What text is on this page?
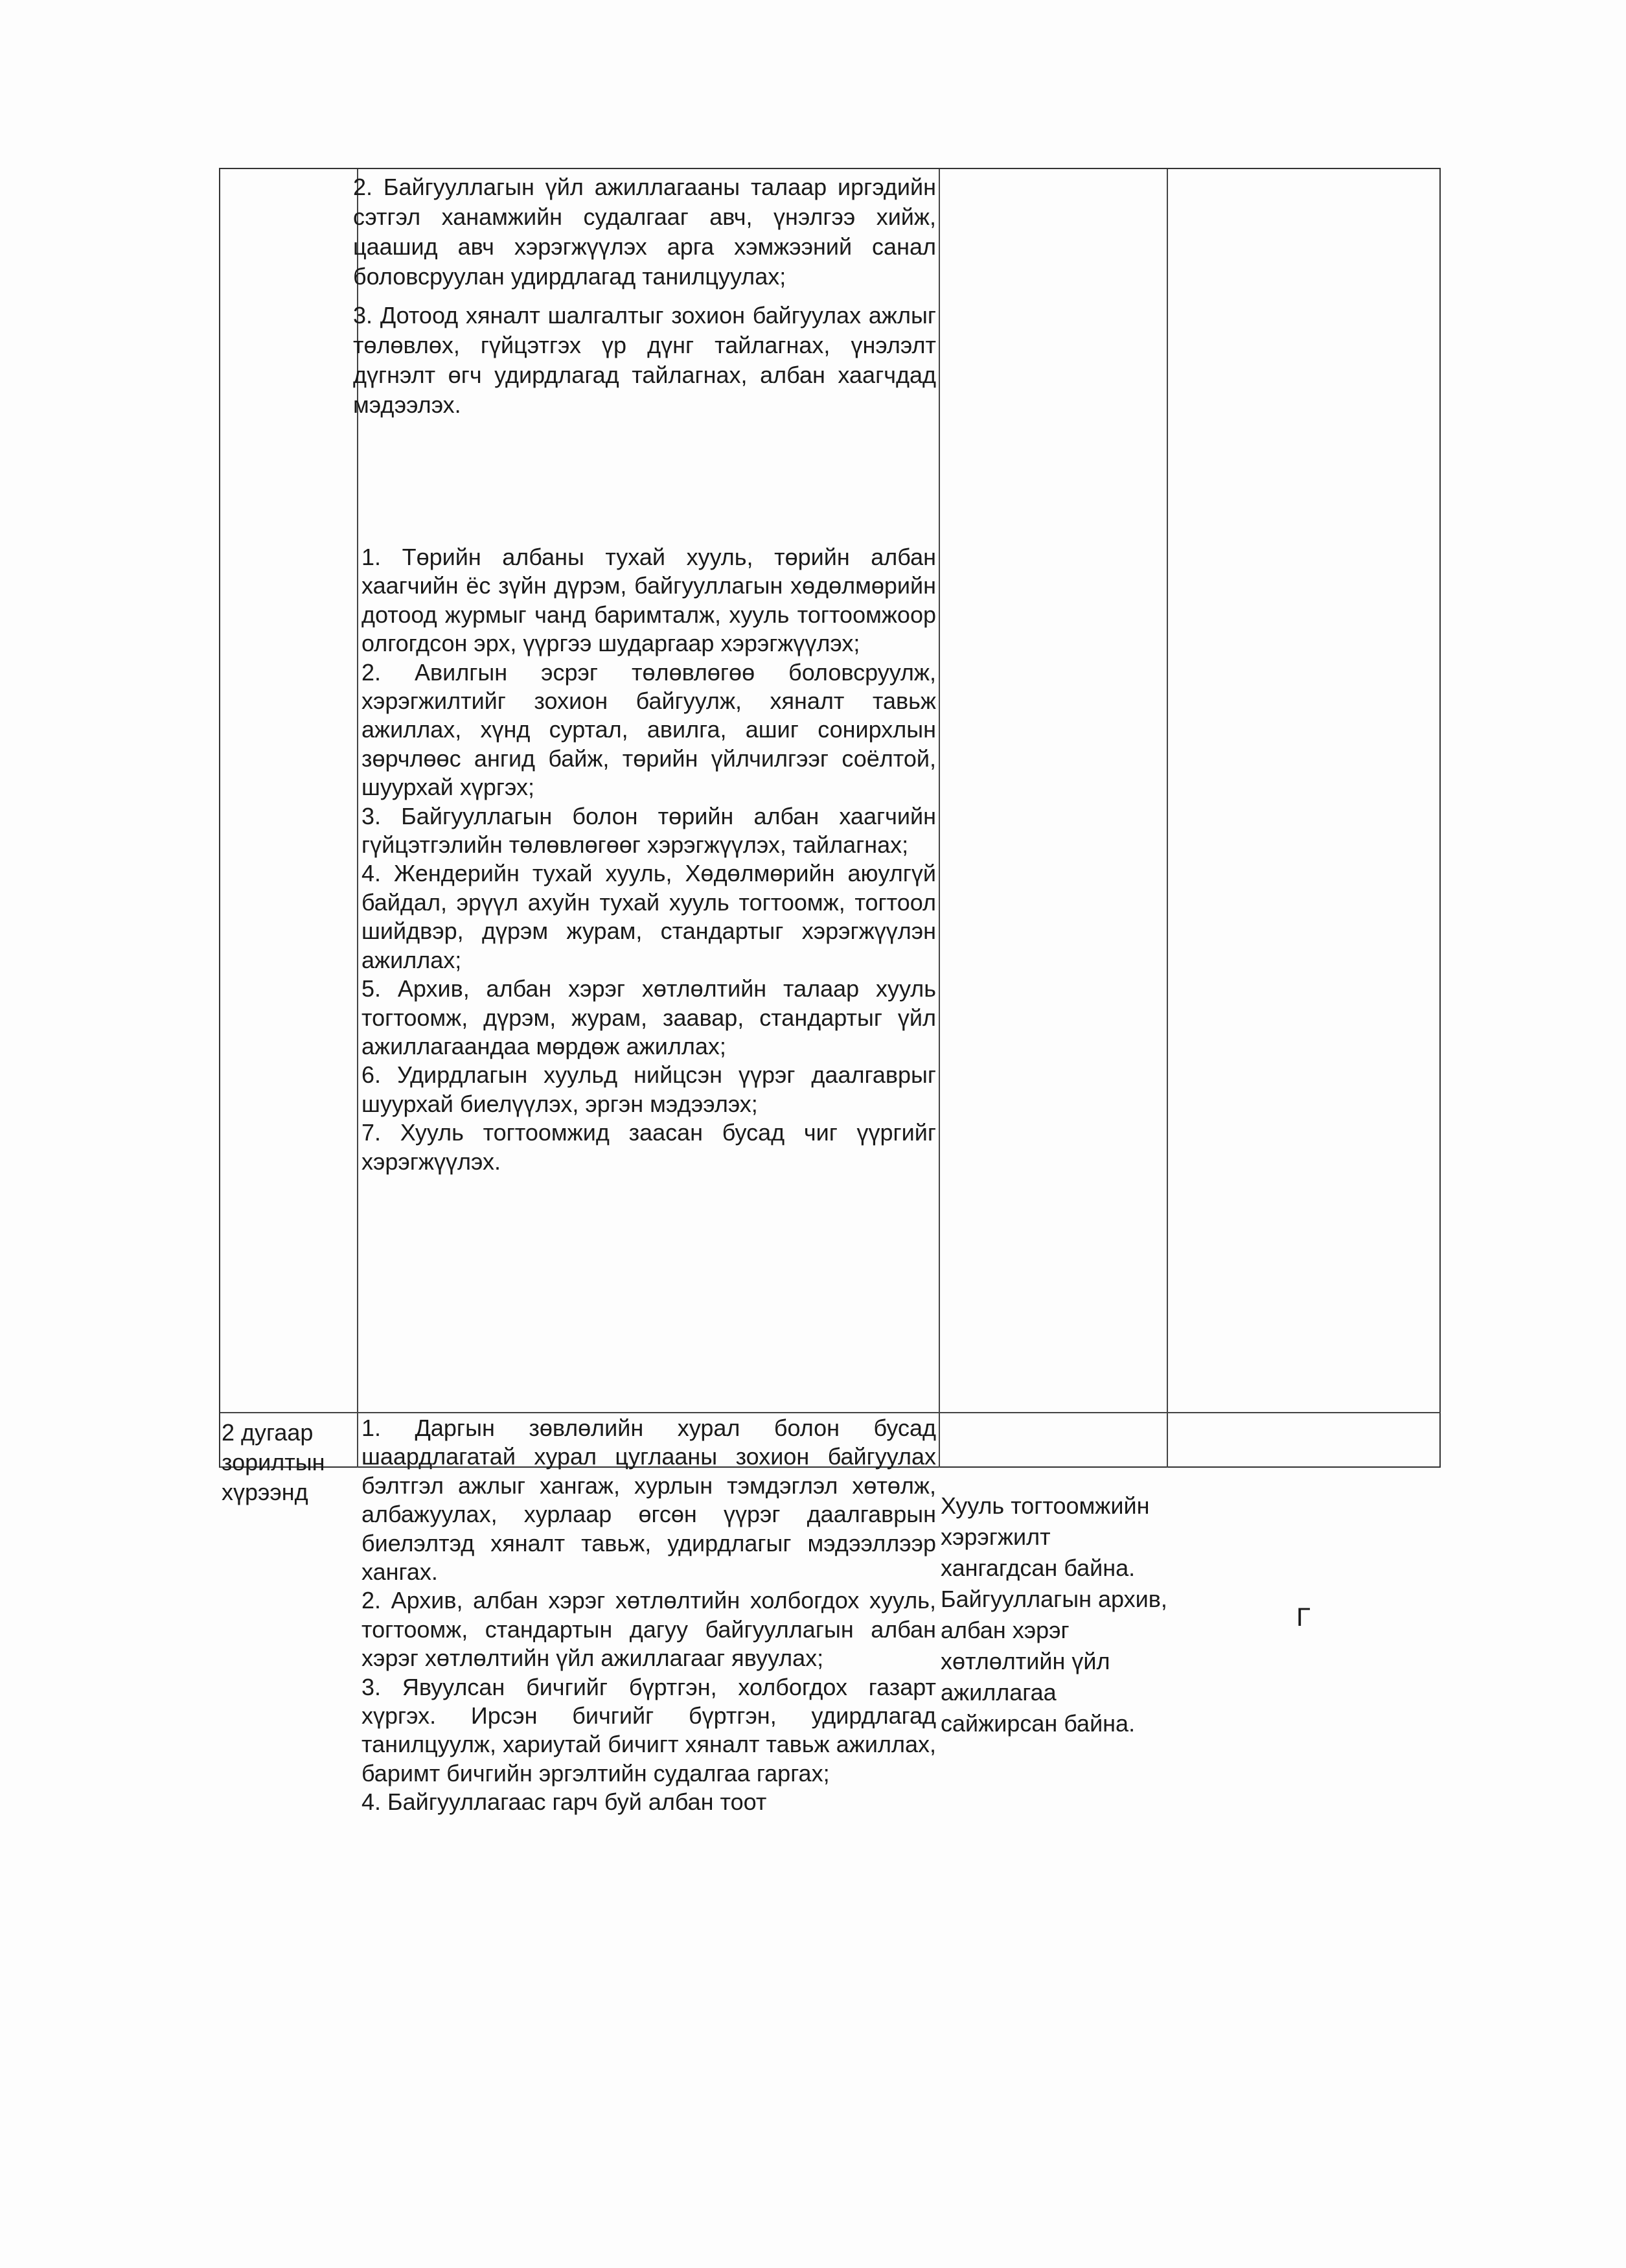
2. Байгууллагын үйл ажиллагааны талаар иргэдийн сэтгэл ханамжийн судалгааг авч, үнэлгээ хийж, цаашид авч хэрэгжүүлэх арга хэмжээний санал боловсруулан удирдлагад танилцуулах;

3. Дотоод хяналт шалгалтыг зохион байгуулах ажлыг төлөвлөх, гүйцэтгэх үр дүнг тайлагнах, үнэлэлт дүгнэлт өгч удирдлагад тайлагнах, албан хаагчдад мэдээлэх.

1. Төрийн албаны тухай хууль, төрийн албан хаагчийн ёс зүйн дүрэм, байгууллагын хөдөлмөрийн дотоод журмыг чанд баримталж, хууль тогтоомжоор олгогдсон эрх, үүргээ шударгаар хэрэгжүүлэх;

2. Авилгын эсрэг төлөвлөгөө боловсруулж, хэрэгжилтийг зохион байгуулж, хяналт тавьж ажиллах, хүнд суртал, авилга, ашиг сонирхлын зөрчлөөс ангид байж, төрийн үйлчилгээг соёлтой, шуурхай хүргэх;

3. Байгууллагын болон төрийн албан хаагчийн гүйцэтгэлийн төлөвлөгөөг хэрэгжүүлэх, тайлагнах;

4. Жендерийн тухай хууль, Хөдөлмөрийн аюулгүй байдал, эрүүл ахуйн тухай хууль тогтоомж, тогтоол шийдвэр, дүрэм журам, стандартыг хэрэгжүүлэн ажиллах;

5. Архив, албан хэрэг хөтлөлтийн талаар хууль тогтоомж, дүрэм, журам, заавар, стандартыг үйл ажиллагаандаа мөрдөж ажиллах;

6. Удирдлагын хуульд нийцсэн үүрэг даалгаврыг шуурхай биелүүлэх, эргэн мэдээлэх;

7. Хууль тогтоомжид заасан бусад чиг үүргийг хэрэгжүүлэх.

2 дугаар зорилтын хүрээнд

1. Даргын зөвлөлийн хурал болон бусад шаардлагатай хурал цуглааны зохион байгуулах бэлтгэл ажлыг хангаж, хурлын тэмдэглэл хөтөлж, албажуулах, хурлаар өгсөн үүрэг даалгаврын биелэлтэд хяналт тавьж, удирдлагыг мэдээллээр хангах.

2. Архив, албан хэрэг хөтлөлтийн холбогдох хууль, тогтоомж, стандартын дагуу байгууллагын албан хэрэг хөтлөлтийн үйл ажиллагааг явуулах;

3. Явуулсан бичгийг бүртгэн, холбогдох газарт хүргэх. Ирсэн бичгийг бүртгэн, удирдлагад танилцуулж, хариутай бичигт хяналт тавьж ажиллах, баримт бичгийн эргэлтийн судалгаа гаргах;

4. Байгууллагаас гарч буй албан тоот

Хууль тогтоомжийн хэрэгжилт хангагдсан байна. Байгууллагын архив, албан хэрэг хөтлөлтийн үйл ажиллагаа сайжирсан байна.
Г
